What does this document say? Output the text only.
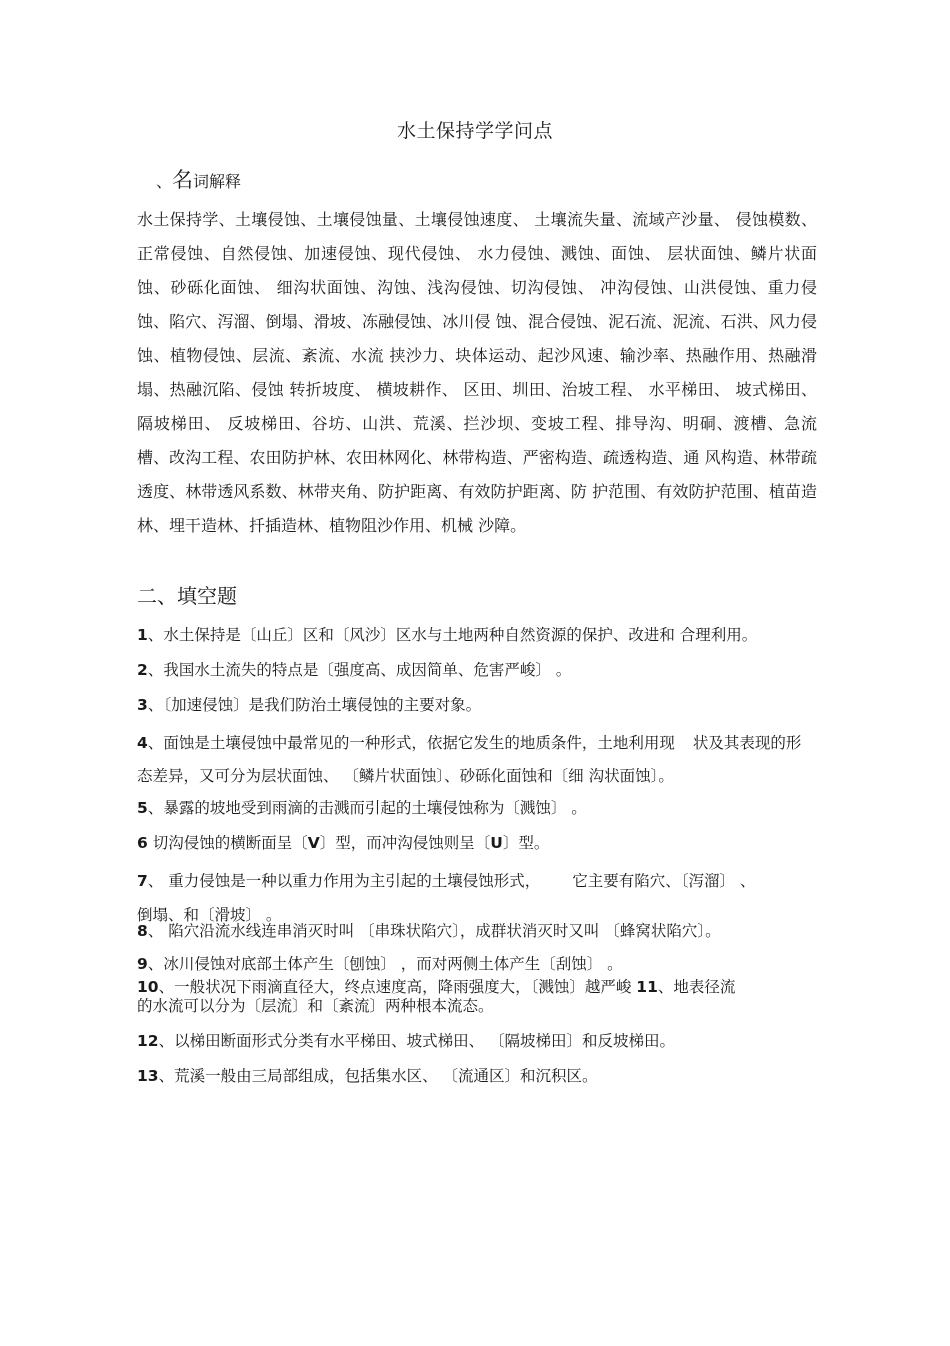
水土保持学学问点
、名词解释
水土保持学、土壤侵蚀、土壤侵蚀量、土壤侵蚀速度、 土壤流失量、流域产沙量、 侵蚀模数、正常侵蚀、自然侵蚀、加速侵蚀、现代侵蚀、 水力侵蚀、溅蚀、面蚀、 层状面蚀、鳞片状面蚀、砂砾化面蚀、 细沟状面蚀、沟蚀、浅沟侵蚀、切沟侵蚀、 冲沟侵蚀、山洪侵蚀、重力侵蚀、陷穴、泻溜、倒塌、滑坡、冻融侵蚀、冰川侵 蚀、混合侵蚀、泥石流、泥流、石洪、风力侵蚀、植物侵蚀、层流、紊流、水流 挟沙力、块体运动、起沙风速、输沙率、热融作用、热融滑塌、热融沉陷、侵蚀 转折坡度、 横坡耕作、 区田、圳田、治坡工程、 水平梯田、 坡式梯田、 隔坡梯田、 反坡梯田、谷坊、山洪、荒溪、拦沙坝、变坡工程、排导沟、明硐、渡槽、急流 槽、改沟工程、农田防护林、农田林网化、林带构造、严密构造、疏透构造、通 风构造、林带疏透度、林带透风系数、林带夹角、防护距离、有效防护距离、防 护范围、有效防护范围、植苗造林、埋干造林、扦插造林、植物阻沙作用、机械 沙障。
二、填空题
1、水土保持是〔山丘〕区和〔风沙〕区水与土地两种自然资源的保护、改进和 合理利用。
2、我国水土流失的特点是〔强度高、成因简单、危害严峻〕 。
3、〔加速侵蚀〕是我们防治土壤侵蚀的主要对象。
4、面蚀是土壤侵蚀中最常见的一种形式，依据它发生的地质条件，土地利用现 状及其表现的形态差异，又可分为层状面蚀、 〔鳞片状面蚀〕、砂砾化面蚀和〔细 沟状面蚀〕。
5、暴露的坡地受到雨滴的击溅而引起的土壤侵蚀称为〔溅蚀〕 。
6 切沟侵蚀的横断面呈〔V〕型，而冲沟侵蚀则呈〔U〕型。
7、 重力侵蚀是一种以重力作用为主引起的土壤侵蚀形式， 它主要有陷穴、〔泻溜〕 、
倒塌、和〔滑坡〕 。
8、 陷穴沿流水线连串消灭时叫 〔串珠状陷穴〕，成群状消灭时又叫 〔蜂窝状陷穴〕。
9、冰川侵蚀对底部土体产生〔刨蚀〕 ，而对两侧土体产生〔刮蚀〕 。
10、一般状况下雨滴直径大，终点速度高，降雨强度大，〔溅蚀〕越严峻 11、地表径流
的水流可以分为〔层流〕和〔紊流〕两种根本流态。
12、以梯田断面形式分类有水平梯田、坡式梯田、 〔隔坡梯田〕和反坡梯田。
13、荒溪一般由三局部组成，包括集水区、 〔流通区〕和沉积区。
